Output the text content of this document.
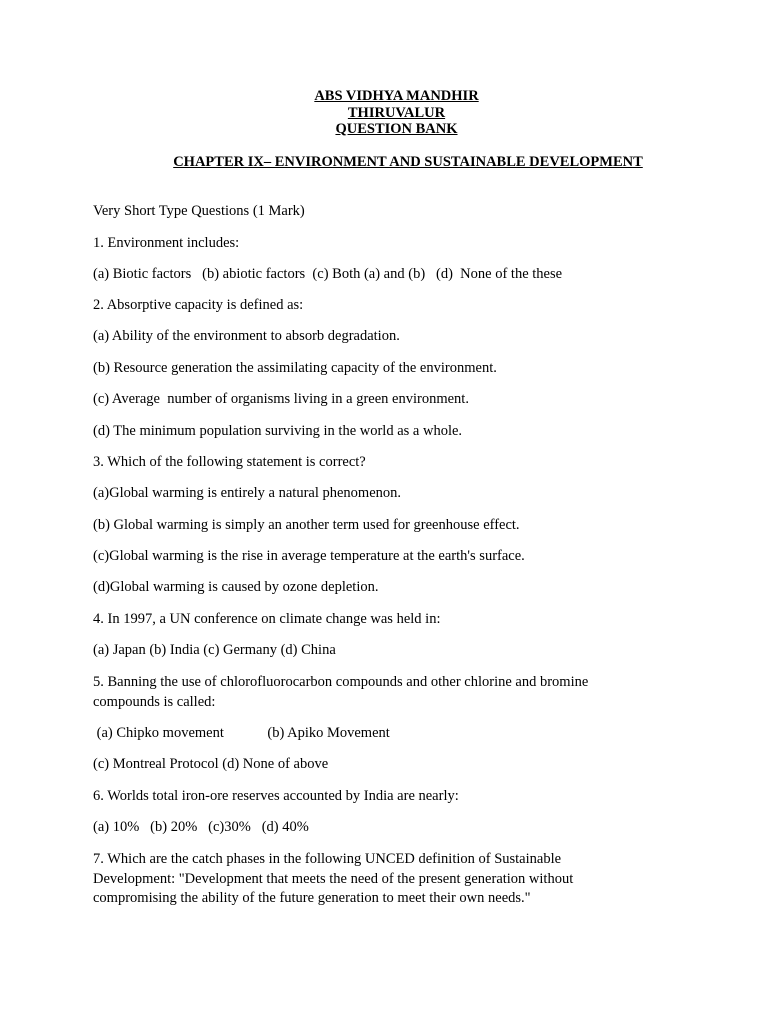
ABS VIDHYA MANDHIR
THIRUVALUR
QUESTION BANK
CHAPTER IX– ENVIRONMENT AND SUSTAINABLE DEVELOPMENT
Very Short Type Questions (1 Mark)
1. Environment includes:
(a) Biotic factors   (b) abiotic factors  (c) Both (a) and (b)   (d)  None of the these
2. Absorptive capacity is defined as:
(a) Ability of the environment to absorb degradation.
(b) Resource generation the assimilating capacity of the environment.
(c) Average  number of organisms living in a green environment.
(d) The minimum population surviving in the world as a whole.
3. Which of the following statement is correct?
(a)Global warming is entirely a natural phenomenon.
(b) Global warming is simply an another term used for greenhouse effect.
(c)Global warming is the rise in average temperature at the earth's surface.
(d)Global warming is caused by ozone depletion.
4. In 1997, a UN conference on climate change was held in:
(a) Japan (b) India (c) Germany (d) China
5. Banning the use of chlorofluorocarbon compounds and other chlorine and bromine compounds is called:
(a) Chipko movement            (b) Apiko Movement
(c) Montreal Protocol (d) None of above
6. Worlds total iron-ore reserves accounted by India are nearly:
(a) 10%   (b) 20%   (c)30%   (d) 40%
7. Which are the catch phases in the following UNCED definition of Sustainable Development: "Development that meets the need of the present generation without compromising the ability of the future generation to meet their own needs."
